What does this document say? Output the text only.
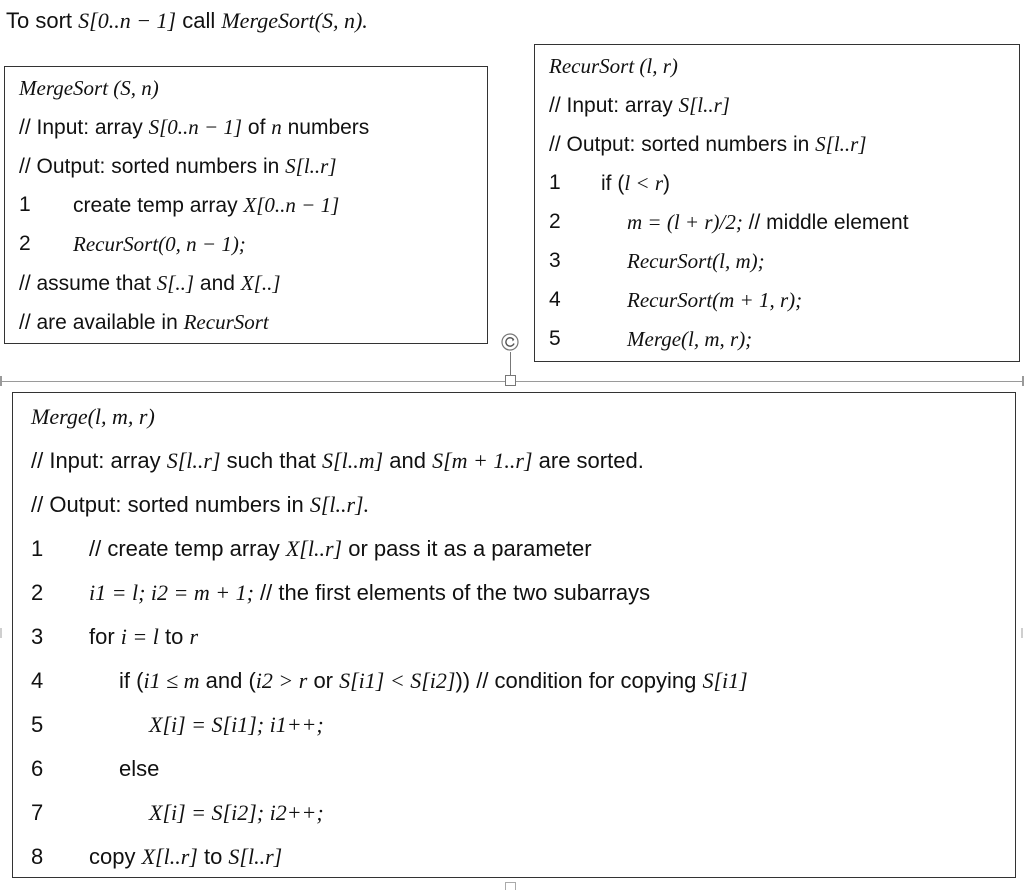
To sort S[0..n − 1] call MergeSort(S, n).
MergeSort (S, n)
// Input: array S[0..n − 1] of n numbers
// Output: sorted numbers in S[l..r]
1 create temp array X[0..n − 1]
2 RecurSort(0, n − 1);
// assume that S[..] and X[..]
// are available in RecurSort
RecurSort (l, r)
// Input: array S[l..r]
// Output: sorted numbers in S[l..r]
1 if (l < r)
2	m = (l + r)/2; // middle element
3	RecurSort(l, m);
4	RecurSort(m + 1, r);
5	Merge(l, m, r);
Merge(l, m, r)
// Input: array S[l..r] such that S[l..m] and S[m + 1..r] are sorted.
// Output: sorted numbers in S[l..r].
1 // create temp array X[l..r] or pass it as a parameter
2 i1 = l; i2 = m + 1; // the first elements of the two subarrays
3 for i = l to r
4	if (i1 ≤ m and (i2 > r or S[i1] < S[i2])) // condition for copying S[i1]
5	X[i] = S[i1]; i1++;
6	else
7	X[i] = S[i2]; i2++;
8 copy X[l..r] to S[l..r]
